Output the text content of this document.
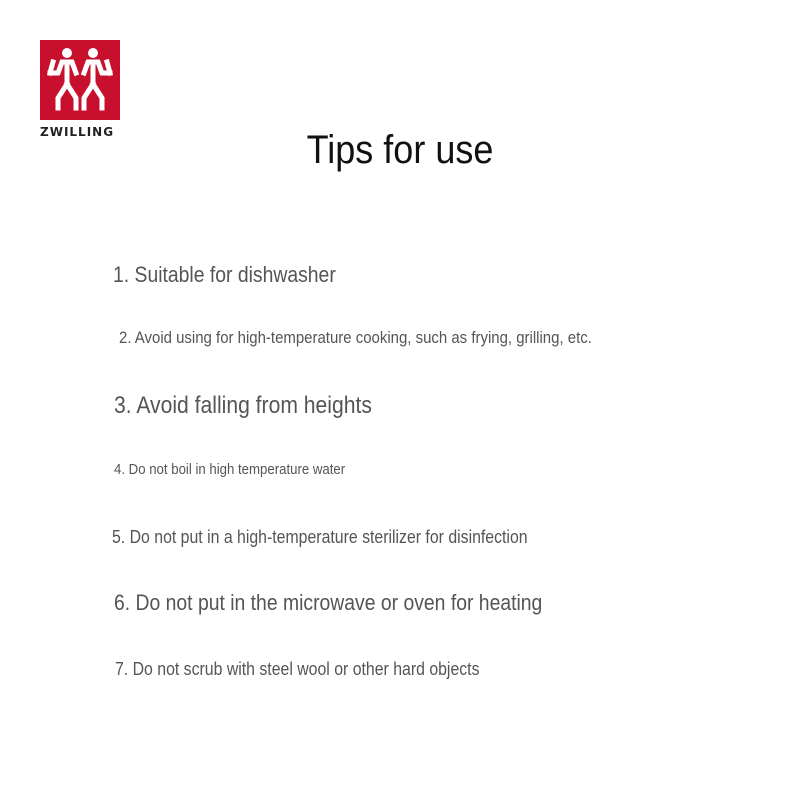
ZWILLING	Tips for use

1. Suitable for dishwasher

2. Avoid using for high-temperature cooking, such as frying, grilling, etc.

3. Avoid falling from heights

4. Do not boil in high temperature water

5. Do not put in a high-temperature sterilizer for disinfection

6. Do not put in the microwave or oven for heating

7. Do not scrub with steel wool or other hard objects
